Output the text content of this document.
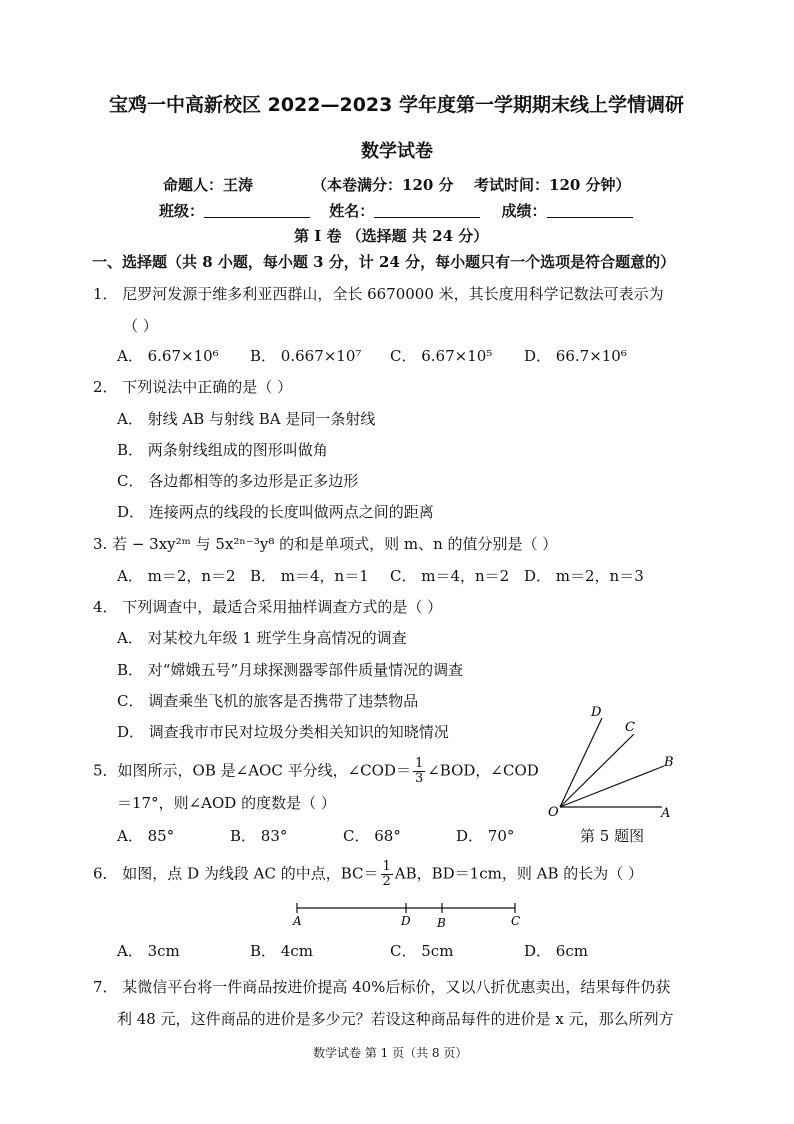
宝鸡一中高新校区 2022—2023 学年度第一学期期末线上学情调研
数学试卷
命题人：王涛	（本卷满分：120 分 考试时间：120 分钟）
班级：	姓名：	成绩：
第 Ⅰ 卷 （选择题 共 24 分）
一、选择题（共 8 小题，每小题 3 分，计 24 分，每小题只有一个选项是符合题意的）
1． 尼罗河发源于维多利亚西群山，全长 6670000 米，其长度用科学记数法可表示为
（ ）
A． 6.67×10⁶ B． 0.667×10⁷ C． 6.67×10⁵ D． 66.7×10⁶
2． 下列说法中正确的是（ ）
A． 射线 AB 与射线 BA 是同一条射线
B． 两条射线组成的图形叫做角
C． 各边都相等的多边形是正多边形
D． 连接两点的线段的长度叫做两点之间的距离
3. 若 − 3xy²ᵐ 与 5x²ⁿ⁻³y⁸ 的和是单项式，则 m、n 的值分别是（ ）
A． m＝2，n＝2 B． m＝4，n＝1 C． m＝4，n＝2 D． m＝2，n＝3
4． 下列调查中，最适合采用抽样调查方式的是（ ）
A． 对某校九年级 1 班学生身高情况的调查
B． 对“嫦娥五号”月球探测器零部件质量情况的调查
C． 调查乘坐飞机的旅客是否携带了违禁物品
D． 调查我市市民对垃圾分类相关知识的知晓情况
5．如图所示，OB 是∠AOC 平分线，∠COD＝ $\frac{1}{3}$ ∠BOD，∠COD
＝17°，则∠AOD 的度数是（ ）
A． 85°	B． 83°	C． 68°	D． 70°
D
C
B
O	A
第 5 题图
6． 如图，点 D 为线段 AC 的中点，$BC= \frac{1}{2}$ AB，BD＝1cm，则 AB 的长为（ ）
A	D B	C
A． 3cm	B． 4cm	C． 5cm	D． 6cm
7． 某微信平台将一件商品按进价提高 40%后标价，又以八折优惠卖出，结果每件仍获
利 48 元，这件商品的进价是多少元？若设这种商品每件的进价是 x 元，那么所列方
数学试卷 第 1 页（共 8 页）
